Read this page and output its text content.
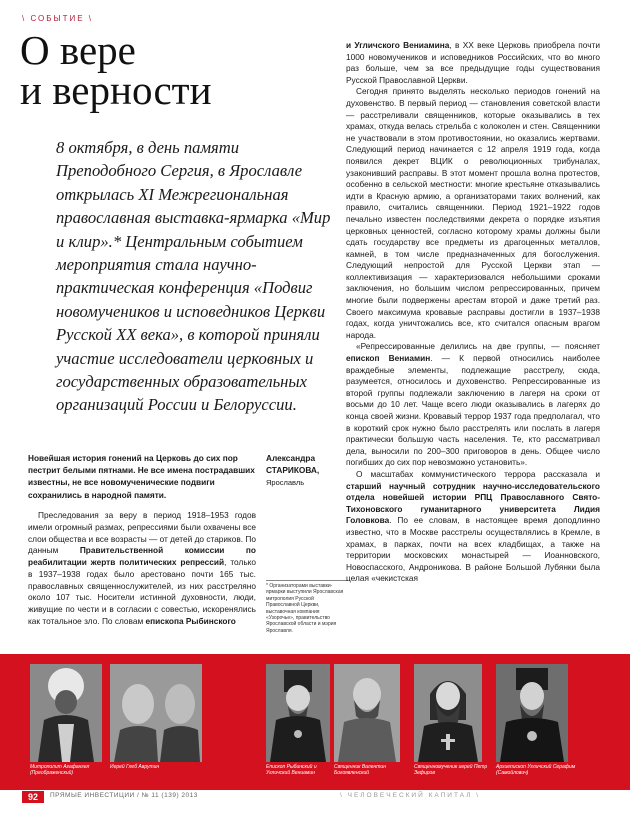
\ СОБЫТИЕ \
О вере
и верности
8 октября, в день памяти Преподобного Сергия, в Ярославле открылась XI Межрегиональная православная выставка-ярмарка «Мир и клир».* Центральным событием мероприятия стала научно-практическая конференция «Подвиг новомучеников и исповедников Церкви Русской XX века», в которой приняли участие исследователи церковных и государственных образовательных организаций России и Белоруссии.
Новейшая история гонений на Церковь до сих пор пестрит белыми пятнами. Не все имена пострадавших известны, не все новомученические подвиги сохранились в народной памяти.
Александра
СТАРИКОВА,
Ярославль
* Организаторами выставки-ярмарки выступили Ярославская митрополия Русской Православной Церкви, выставочная компания «Узорочье», правительство Ярославской области и мэрия Ярославля.

Преследования за веру в период 1918–1953 годов имели огромный размах, репрессиями были охвачены все слои общества и все возрасты — от детей до стариков. По данным Правительственной комиссии по реабилитации жертв политических репрессий, только в 1937–1938 годах было арестовано почти 165 тыс. православных священнослужителей, из них расстреляно около 107 тыс. Носители истинной духовности, люди, живущие по чести и в согласии с совестью, искоренялись как тотальное зло. По словам епископа Рыбинского

и Угличского Вениамина, в XX веке Церковь приобрела почти 1000 новомучеников и исповедников Российских, что во много раз больше, чем за все предыдущие годы существования Русской Православной Церкви.

Сегодня принято выделять несколько периодов гонений на духовенство. В первый период — становления советской власти — расстреливали священников, которые оказывались в тех храмах, откуда велась стрельба с колоколен и стен. Священники не участвовали в этом противостоянии, но оказались жертвами. Следующий период начинается с 12 апреля 1919 года, когда появился декрет ВЦИК о революционных трибуналах, узаконивший расправы. В этот момент прошла волна протестов, особенно в сельской местности: многие крестьяне отказывались идти в Красную армию, а организаторами таких волнений, как правило, считались священники. Период 1921–1922 годов печально известен последствиями декрета о порядке изъятия церковных ценностей, согласно которому храмы должны были сдать государству все предметы из драгоценных металлов, камней, в том числе предназначенных для богослужения. Следующий непростой для Русской Церкви этап — коллективизация — характеризовался небольшими сроками заключения, но большим числом репрессированных, причем многие были подвержены арестам второй и даже третий раз. Своего максимума кровавые расправы достигли в 1937–1938 годах, когда уничтожались все, кто считался опасным врагом народа.

«Репрессированные делились на две группы, — поясняет епископ Вениамин. — К первой относились наиболее враждебные элементы, подлежащие расстрелу, сюда, разумеется, относилось и духовенство. Репрессированные из второй группы подлежали заключению в лагеря на сроки от восьми до 10 лет. Чаще всего люди оказывались в лагерях до конца своей жизни. Кровавый террор 1937 года предполагал, что в короткий срок нужно было расстрелять или послать в лагеря практически большую часть населения. Те, кто рассматривал дела, выносили по 200–300 приговоров в день. Общее число погибших до сих пор невозможно установить».

О масштабах коммунистического террора рассказала и старший научный сотрудник научно-исследовательского отдела новейшей истории РПЦ Православного Свято-Тихоновского гуманитарного университета Лидия Головкова. По ее словам, в настоящее время доподлинно известно, что в Москве расстрелы осуществлялись в Кремле, в храмах, в парках, почти на всех кладбищах, а также на территории московских монастырей — Иоанновского, Новоспасского, Андроникова. В районе Большой Лубянки была целая «чекистская

Митрополит Агафангел (Преображенский)
Иерей Глеб Аврутин	Епископ Рыбинский и Угличский Вениамин
Священник Валентин Богоявленский
Священномученик иерей Петр Зефиров
Архиепископ Угличский Серафим (Самойлович)
92	ПРЯМЫЕ ИНВЕСТИЦИИ / № 11 (139) 2013	\ ЧЕЛОВЕЧЕСКИЙ КАПИТАЛ \
